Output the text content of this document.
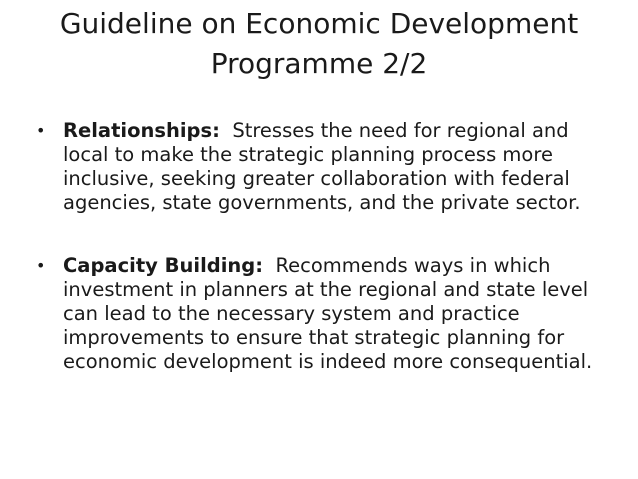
Guideline on Economic Development
Programme 2/2
• Relationships: Stresses the need for regional and local to make the strategic planning process more inclusive, seeking greater collaboration with federal agencies, state governments, and the private sector.
• Capacity Building: Recommends ways in which investment in planners at the regional and state level can lead to the necessary system and practice improvements to ensure that strategic planning for economic development is indeed more consequential.
